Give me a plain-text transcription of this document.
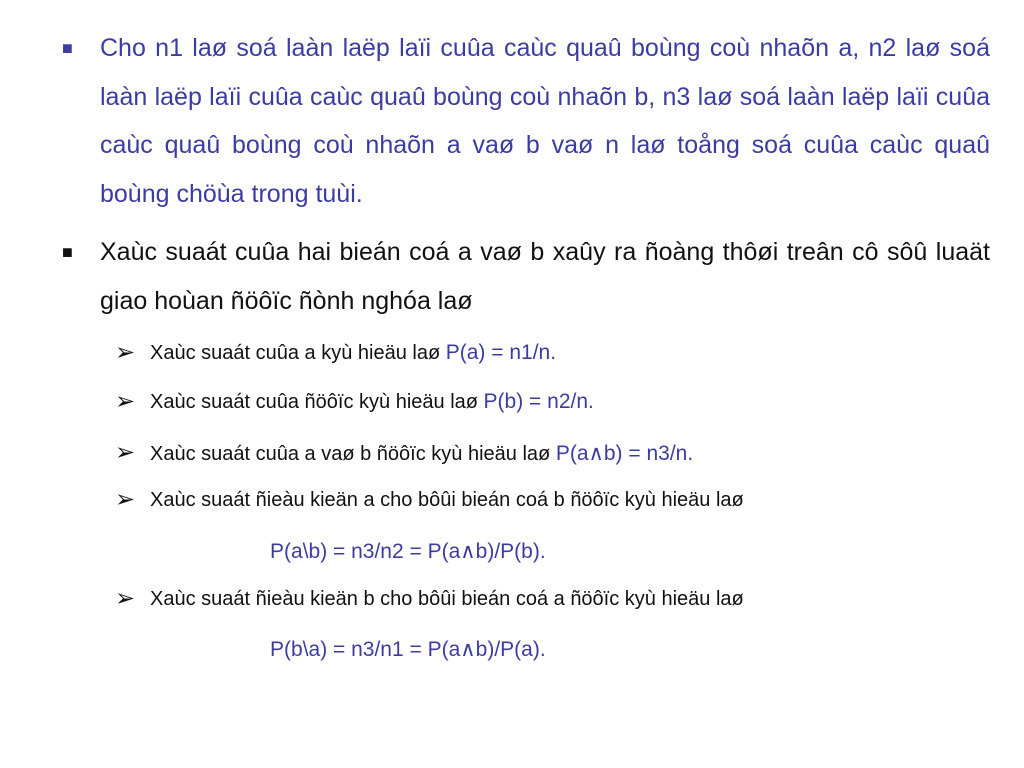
■	Cho n1 laø soá laàn laëp laïi cuûa caùc quaû boùng coù nhaõn a, n2 laø soá laàn laëp laïi cuûa caùc quaû boùng coù nhaõn b, n3 laø soá laàn laëp laïi cuûa caùc quaû boùng coù nhaõn a vaø b vaø n laø toång soá cuûa caùc quaû boùng chöùa trong tuùi.
■	Xaùc suaát cuûa hai bieán coá a vaø b xaûy ra ñoàng thôøi treân cô sôû luaät giao hoùan ñöôïc ñònh nghóa laø
➢ Xaùc suaát cuûa a kyù hieäu laø P(a) = n1/n.
➢ Xaùc suaát cuûa ñöôïc kyù hieäu laø P(b) = n2/n.
➢ Xaùc suaát cuûa a vaø b ñöôïc kyù hieäu laø P(a∧b) = n3/n.
➢ Xaùc suaát ñieàu kieän a cho bôûi bieán coá b ñöôïc kyù hieäu laø
P(a\b) = n3/n2 = P(a∧b)/P(b).
➢ Xaùc suaát ñieàu kieän b cho bôûi bieán coá a ñöôïc kyù hieäu laø
P(b\a) = n3/n1 = P(a∧b)/P(a).
